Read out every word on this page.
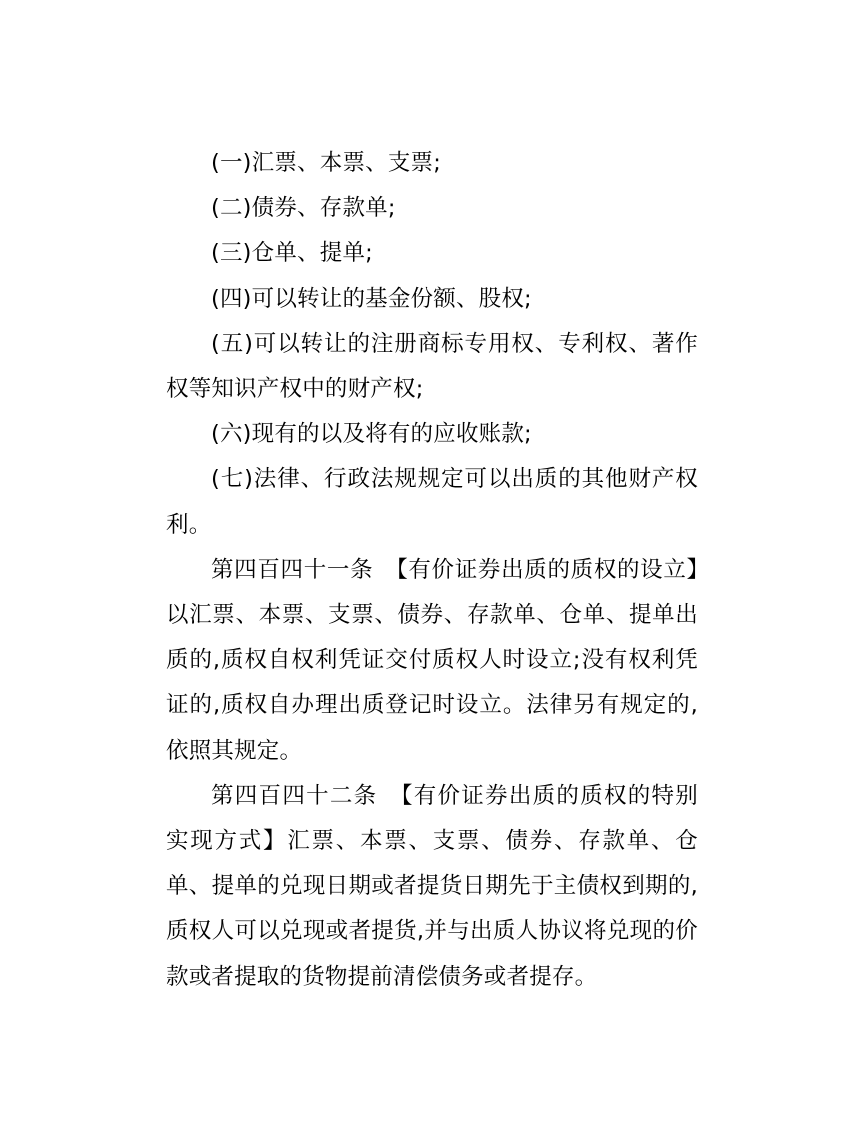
(一)汇票、本票、支票;

(二)债券、存款单;

(三)仓单、提单;

(四)可以转让的基金份额、股权;

(五)可以转让的注册商标专用权、专利权、著作权等知识产权中的财产权;

(六)现有的以及将有的应收账款;

(七)法律、行政法规规定可以出质的其他财产权利。

第四百四十一条　【有价证券出质的质权的设立】以汇票、本票、支票、债券、存款单、仓单、提单出质的,质权自权利凭证交付质权人时设立;没有权利凭证的,质权自办理出质登记时设立。法律另有规定的,依照其规定。

第四百四十二条　【有价证券出质的质权的特别实现方式】汇票、本票、支票、债券、存款单、仓单、提单的兑现日期或者提货日期先于主债权到期的,质权人可以兑现或者提货,并与出质人协议将兑现的价款或者提取的货物提前清偿债务或者提存。
